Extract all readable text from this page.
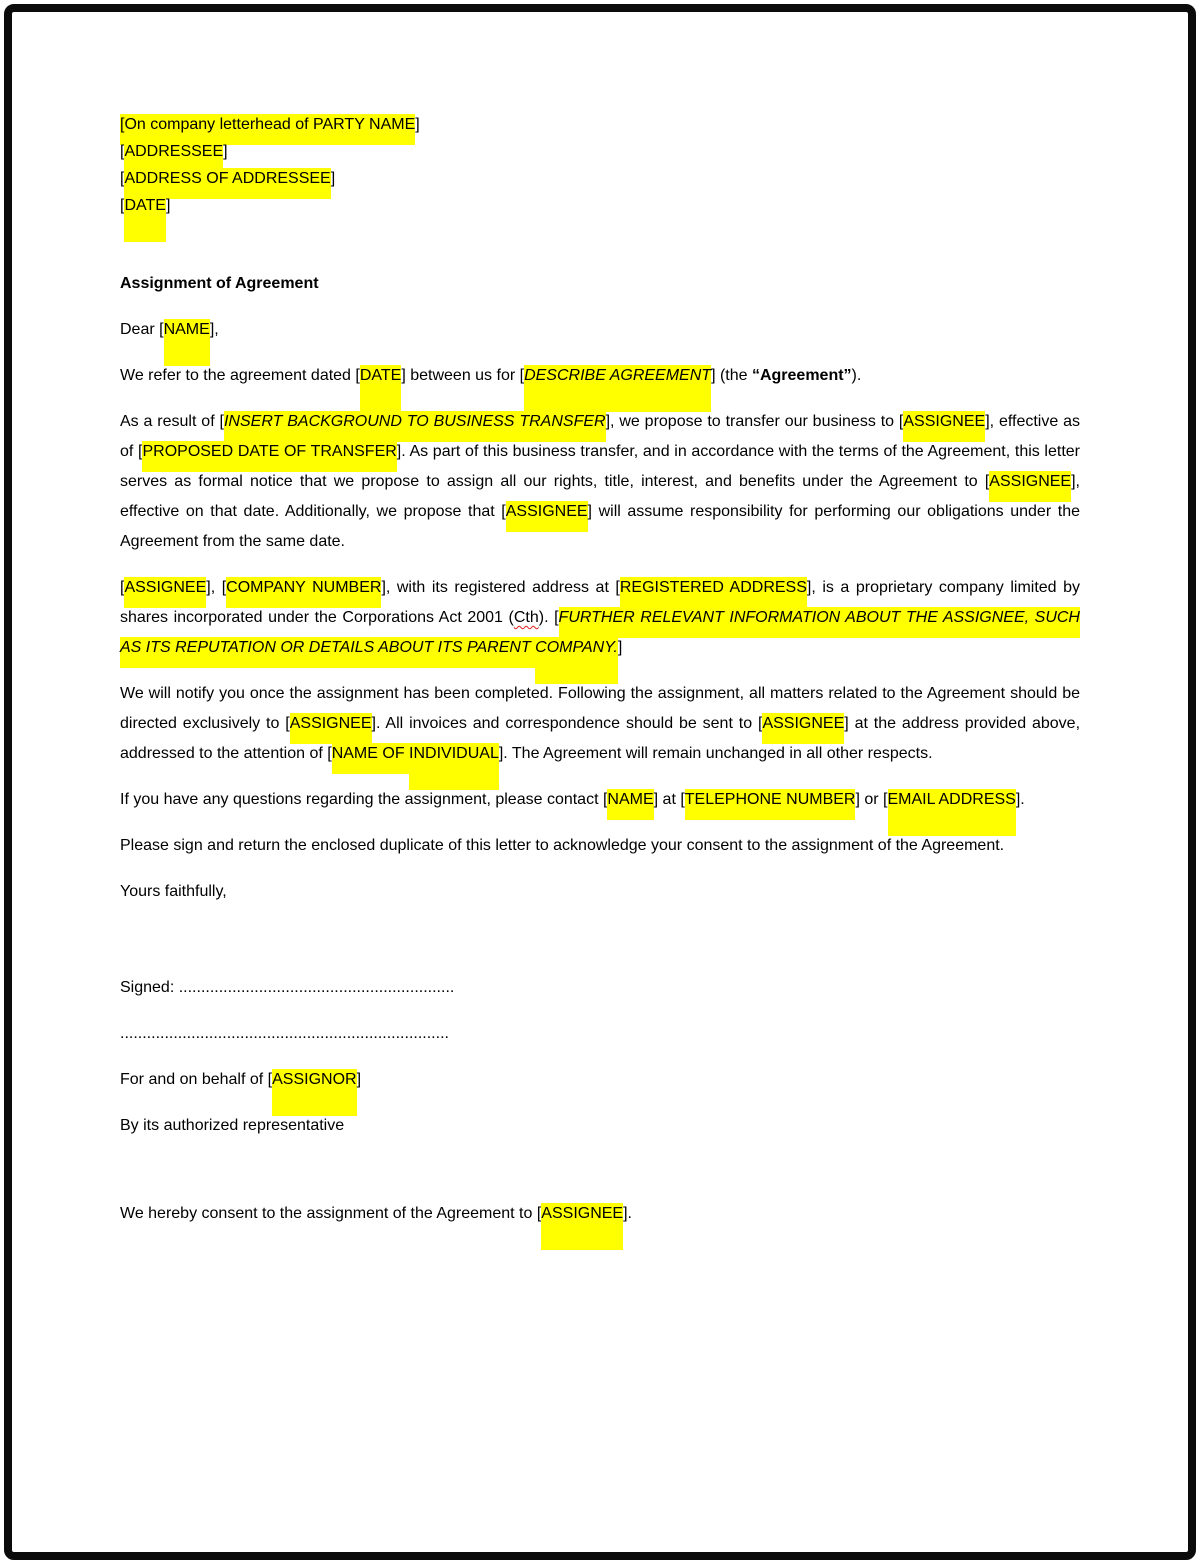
[On company letterhead of PARTY NAME]

[ADDRESSEE]

[ADDRESS OF ADDRESSEE]

[DATE]

Assignment of Agreement

Dear [NAME],

We refer to the agreement dated [DATE] between us for [DESCRIBE AGREEMENT] (the “Agreement”).

As a result of [INSERT BACKGROUND TO BUSINESS TRANSFER], we propose to transfer our business to [ASSIGNEE], effective as of [PROPOSED DATE OF TRANSFER]. As part of this business transfer, and in accordance with the terms of the Agreement, this letter serves as formal notice that we propose to assign all our rights, title, interest, and benefits under the Agreement to [ASSIGNEE], effective on that date. Additionally, we propose that [ASSIGNEE] will assume responsibility for performing our obligations under the Agreement from the same date.

[ASSIGNEE], [COMPANY NUMBER], with its registered address at [REGISTERED ADDRESS], is a proprietary company limited by shares incorporated under the Corporations Act 2001 (Cth). [FURTHER RELEVANT INFORMATION ABOUT THE ASSIGNEE, SUCH AS ITS REPUTATION OR DETAILS ABOUT ITS PARENT COMPANY.]

We will notify you once the assignment has been completed. Following the assignment, all matters related to the Agreement should be directed exclusively to [ASSIGNEE]. All invoices and correspondence should be sent to [ASSIGNEE] at the address provided above, addressed to the attention of [NAME OF INDIVIDUAL]. The Agreement will remain unchanged in all other respects.

If you have any questions regarding the assignment, please contact [NAME] at [TELEPHONE NUMBER] or [EMAIL ADDRESS].

Please sign and return the enclosed duplicate of this letter to acknowledge your consent to the assignment of the Agreement.

Yours faithfully,

Signed: ..............................................................

..........................................................................

For and on behalf of [ASSIGNOR]

By its authorized representative

We hereby consent to the assignment of the Agreement to [ASSIGNEE].
